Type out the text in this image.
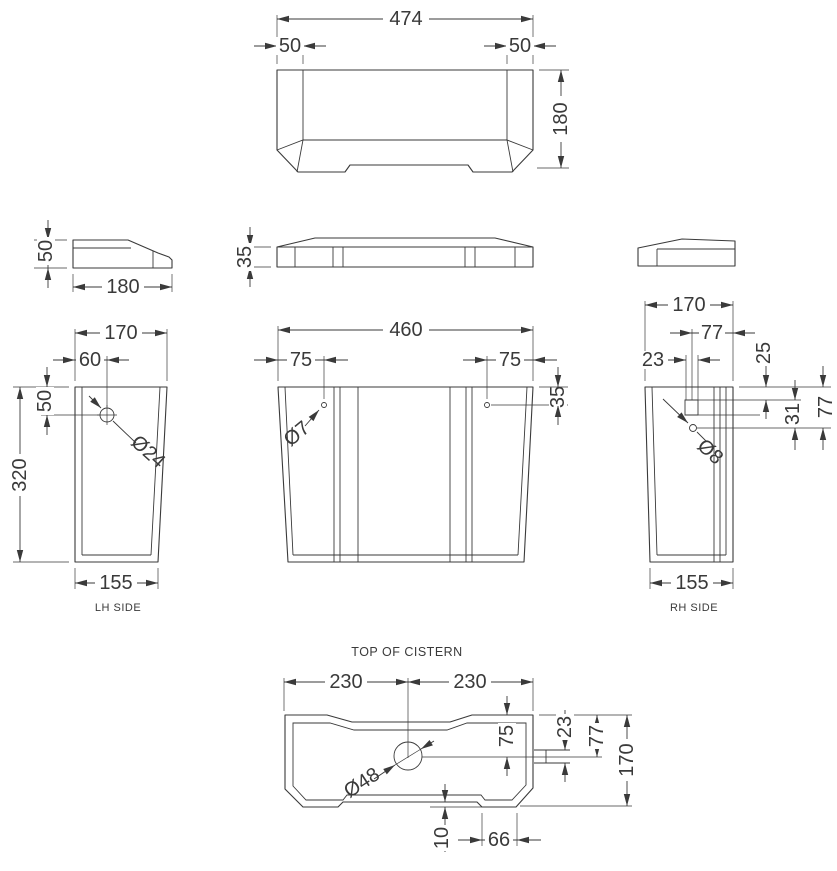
474
50	50
180
50
180
35
Ø24
170
60
50
320
155
LH SIDE
Ø7
460
75	75
35
170
77
23	25
31 77
Ø8
155
RH SIDE
TOP OF CISTERN
Ø48
230	230
75 23 77
170
10 66
